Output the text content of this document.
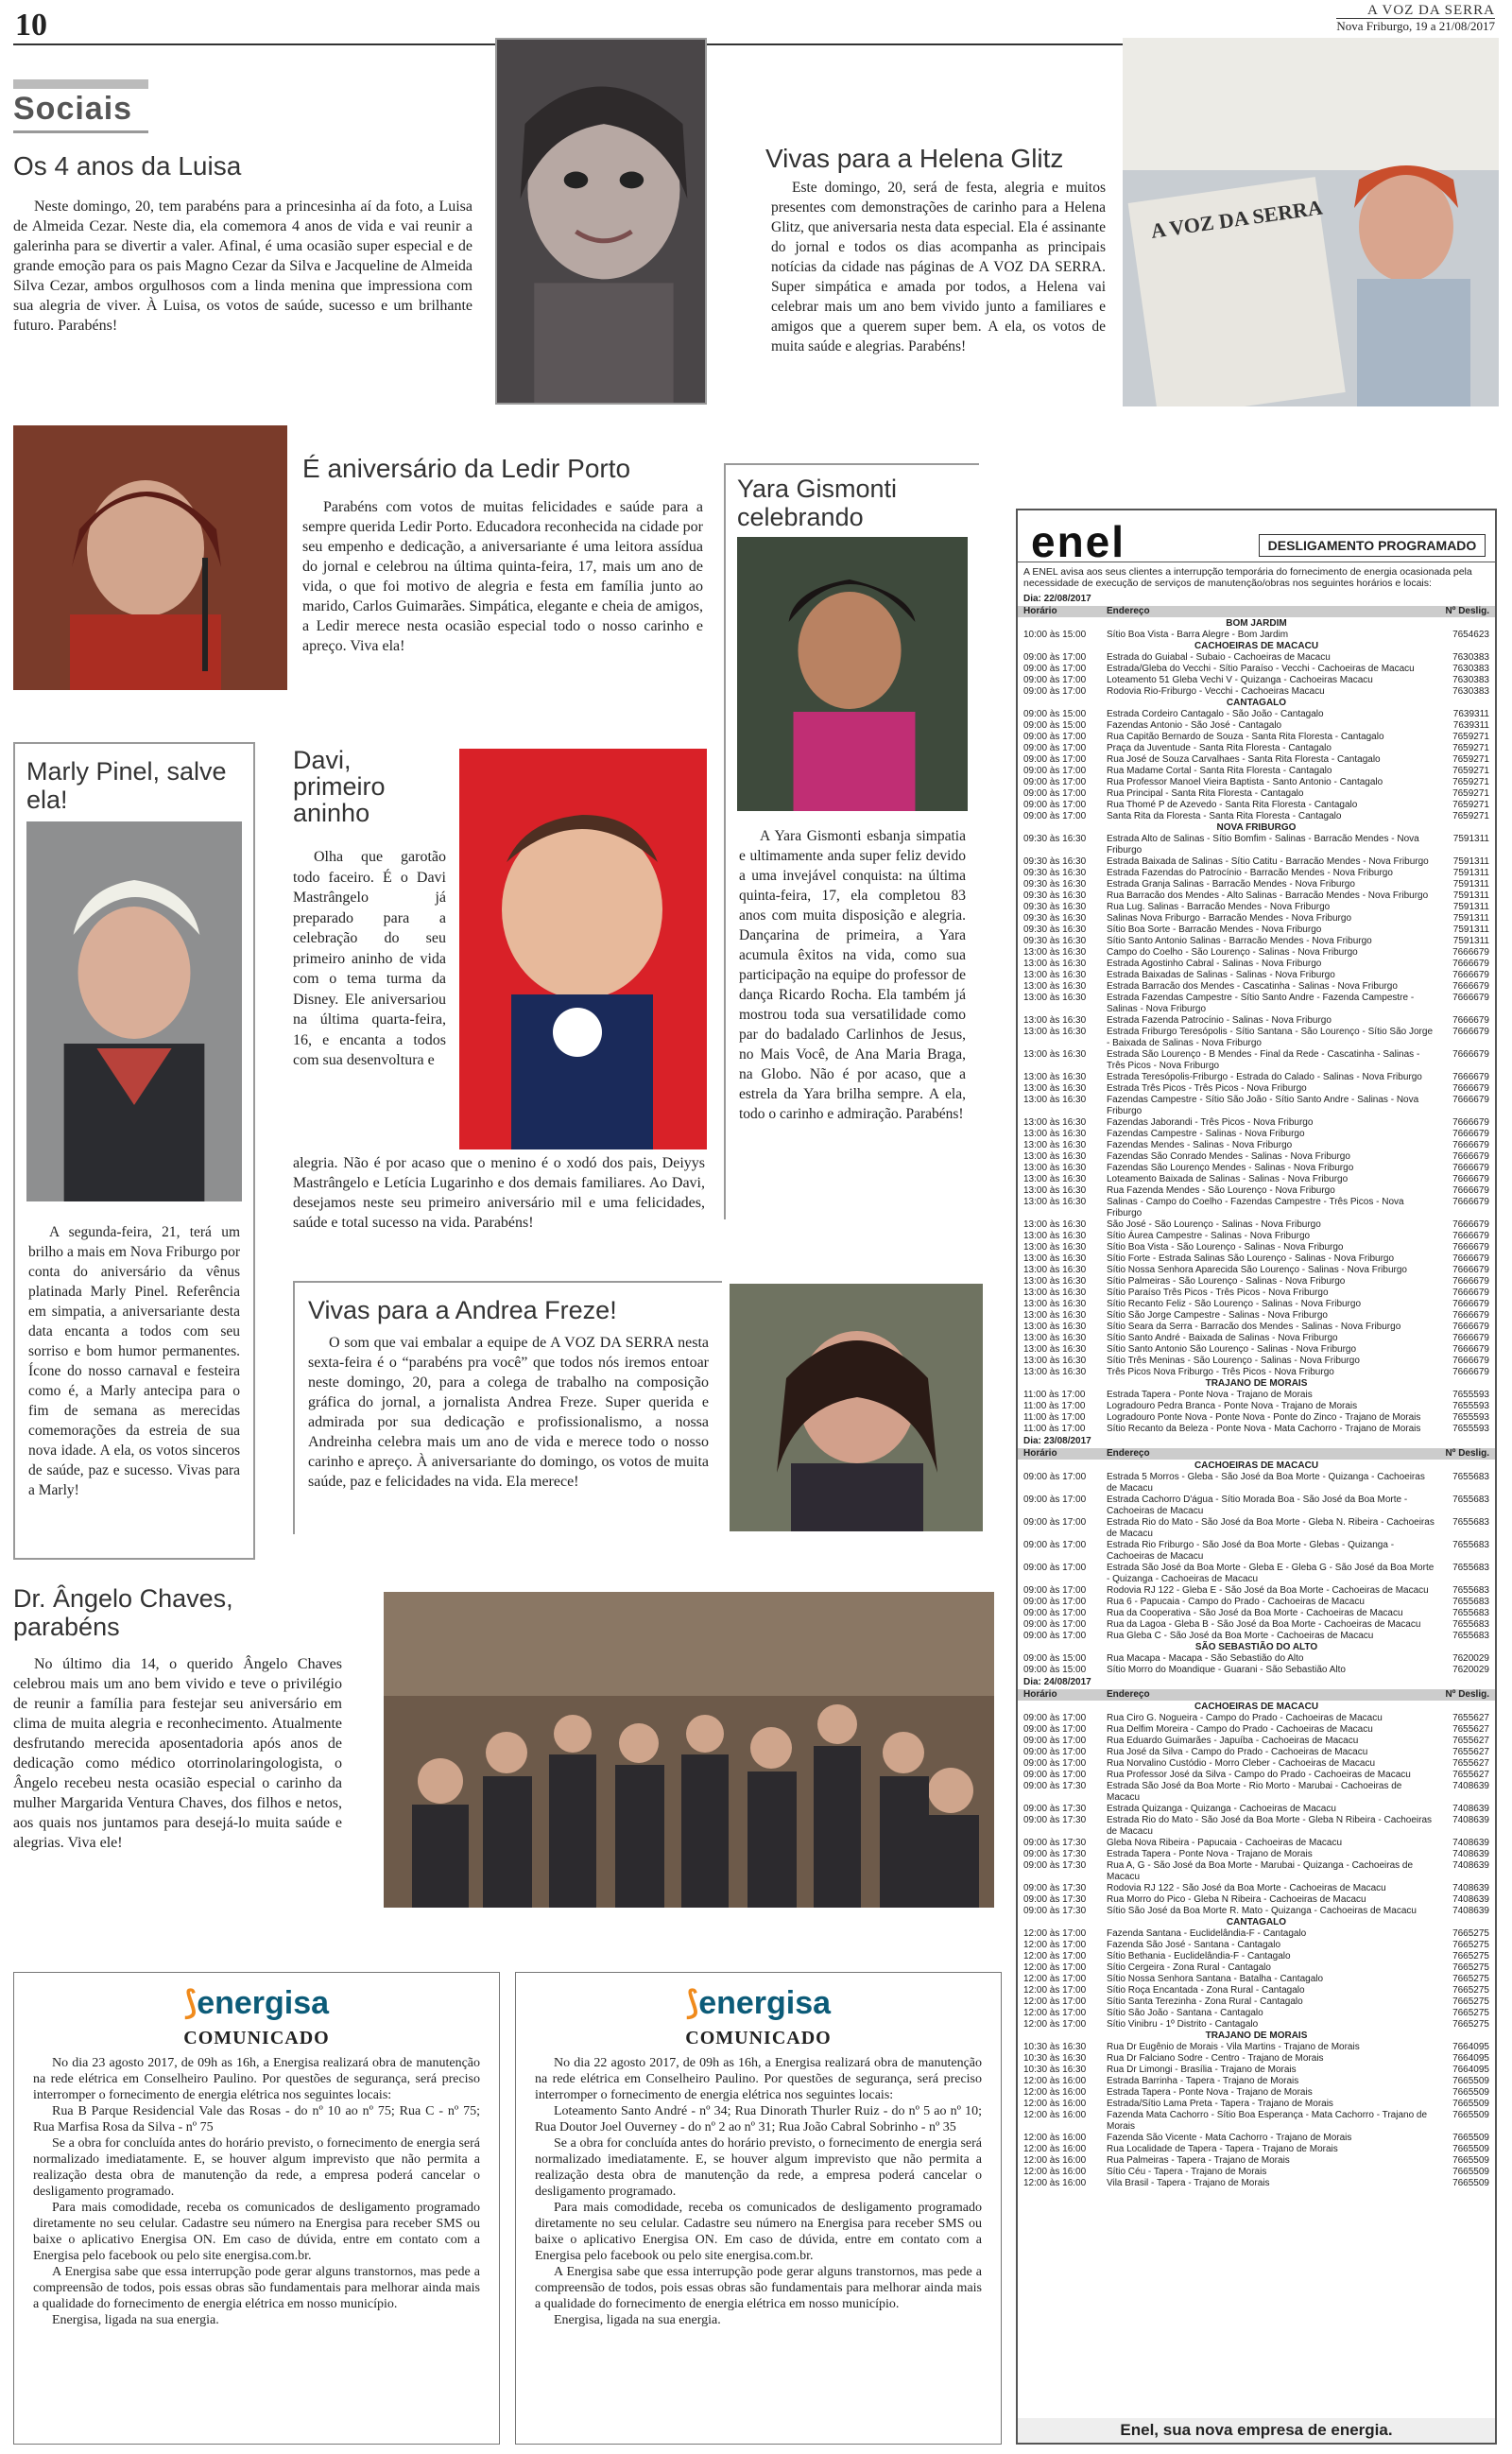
10	A VOZ DA SERRA
Nova Friburgo, 19 a 21/08/2017
Sociais
Os 4 anos da Luisa

Neste domingo, 20, tem parabéns para a princesinha aí da foto, a Luisa de Almeida Cezar. Neste dia, ela comemora 4 anos de vida e vai reunir a galerinha para se divertir a valer. Afinal, é uma ocasião super especial e de grande emoção para os pais Magno Cezar da Silva e Jacqueline de Almeida Silva Cezar, ambos orgulhosos com a linda menina que impressiona com sua alegria de viver. À Luisa, os votos de saúde, sucesso e um brilhante futuro. Parabéns!

Vivas para a Helena Glitz

Este domingo, 20, será de festa, alegria e muitos presentes com demonstrações de carinho para a Helena Glitz, que aniversaria nesta data especial. Ela é assinante do jornal e todos os dias acompanha as principais notícias da cidade nas páginas de A VOZ DA SERRA. Super simpática e amada por todos, a Helena vai celebrar mais um ano bem vivido junto a familiares e amigos que a querem super bem. A ela, os votos de muita saúde e alegrias. Parabéns!

A VOZ DA SERRA
É aniversário da Ledir Porto

Parabéns com votos de muitas felicidades e saúde para a sempre querida Ledir Porto. Educadora reconhecida na cidade por seu empenho e dedicação, a aniversariante é uma leitora assídua do jornal e celebrou na última quinta-feira, 17, mais um ano de vida, o que foi motivo de alegria e festa em família junto ao marido, Carlos Guimarães. Simpática, elegante e cheia de amigos, a Ledir merece nesta ocasião especial todo o nosso carinho e apreço. Viva ela!

Yara Gismonti celebrando

A Yara Gismonti esbanja simpatia e ultimamente anda super feliz devido a uma invejável conquista: na última quinta-feira, 17, ela completou 83 anos com muita disposição e alegria. Dançarina de primeira, a Yara acumula êxitos na vida, como sua participação na equipe do professor de dança Ricardo Rocha. Ela também já mostrou toda sua versatilidade como par do badalado Carlinhos de Jesus, no Mais Você, de Ana Maria Braga, na Globo. Não é por acaso, que a estrela da Yara brilha sempre. A ela, todo o carinho e admiração. Parabéns!

Marly Pinel, salve ela!

A segunda-feira, 21, terá um brilho a mais em Nova Friburgo por conta do aniversário da vênus platinada Marly Pinel. Referência em simpatia, a aniversariante desta data encanta a todos com seu sorriso e bom humor permanentes. Ícone do nosso carnaval e festeira como é, a Marly antecipa para o fim de semana as merecidas comemorações da estreia de sua nova idade. A ela, os votos sinceros de saúde, paz e sucesso. Vivas para a Marly!

Davi, primeiro aninho

Olha que garotão todo faceiro. É o Davi Mastrângelo já preparado para a celebração do seu primeiro aninho de vida com o tema turma da Disney. Ele aniversariou na última quarta-feira, 16, e encanta a todos com sua desenvoltura e

alegria. Não é por acaso que o menino é o xodó dos pais, Deiyys Mastrângelo e Letícia Lugarinho e dos demais familiares. Ao Davi, desejamos neste seu primeiro aniversário mil e uma felicidades, saúde e total sucesso na vida. Parabéns!

Vivas para a Andrea Freze!

O som que vai embalar a equipe de A VOZ DA SERRA nesta sexta-feira é o “parabéns pra você” que todos nós iremos entoar neste domingo, 20, para a colega de trabalho na composição gráfica do jornal, a jornalista Andrea Freze. Super querida e admirada por sua dedicação e profissionalismo, a nossa Andreinha celebra mais um ano de vida e merece todo o nosso carinho e apreço. À aniversariante do domingo, os votos de muita saúde, paz e felicidades na vida. Ela merece!

Dr. Ângelo Chaves, parabéns

No último dia 14, o querido Ângelo Chaves celebrou mais um ano bem vivido e teve o privilégio de reunir a família para festejar seu aniversário em clima de muita alegria e reconhecimento. Atualmente desfrutando merecida aposentadoria após anos de dedicação como médico otorrinolaringologista, o Ângelo recebeu nesta ocasião especial o carinho da mulher Margarida Ventura Chaves, dos filhos e netos, aos quais nos juntamos para desejá-lo muita saúde e alegrias. Viva ele!

⟆energisa
COMUNICADO

No dia 23 agosto 2017, de 09h as 16h, a Energisa realizará obra de manutenção na rede elétrica em Conselheiro Paulino. Por questões de segurança, será preciso interromper o fornecimento de energia elétrica nos seguintes locais:

Rua B Parque Residencial Vale das Rosas - do nº 10 ao nº 75; Rua C - nº 75; Rua Marfisa Rosa da Silva - nº 75

Se a obra for concluída antes do horário previsto, o fornecimento de energia será normalizado imediatamente. E, se houver algum imprevisto que não permita a realização desta obra de manutenção da rede, a empresa poderá cancelar o desligamento programado.

Para mais comodidade, receba os comunicados de desligamento programado diretamente no seu celular. Cadastre seu número na Energisa para receber SMS ou baixe o aplicativo Energisa ON. Em caso de dúvida, entre em contato com a Energisa pelo facebook ou pelo site energisa.com.br.

A Energisa sabe que essa interrupção pode gerar alguns transtornos, mas pede a compreensão de todos, pois essas obras são fundamentais para melhorar ainda mais a qualidade do fornecimento de energia elétrica em nosso município.

Energisa, ligada na sua energia.

⟆energisa
COMUNICADO

No dia 22 agosto 2017, de 09h as 16h, a Energisa realizará obra de manutenção na rede elétrica em Conselheiro Paulino. Por questões de segurança, será preciso interromper o fornecimento de energia elétrica nos seguintes locais:

Loteamento Santo André - nº 34; Rua Dinorath Thurler Ruiz - do nº 5 ao nº 10; Rua Doutor Joel Ouverney - do nº 2 ao nº 31; Rua João Cabral Sobrinho - nº 35

Se a obra for concluída antes do horário previsto, o fornecimento de energia será normalizado imediatamente. E, se houver algum imprevisto que não permita a realização desta obra de manutenção da rede, a empresa poderá cancelar o desligamento programado.

Para mais comodidade, receba os comunicados de desligamento programado diretamente no seu celular. Cadastre seu número na Energisa para receber SMS ou baixe o aplicativo Energisa ON. Em caso de dúvida, entre em contato com a Energisa pelo facebook ou pelo site energisa.com.br.

A Energisa sabe que essa interrupção pode gerar alguns transtornos, mas pede a compreensão de todos, pois essas obras são fundamentais para melhorar ainda mais a qualidade do fornecimento de energia elétrica em nosso município.

Energisa, ligada na sua energia.

enel	DESLIGAMENTO PROGRAMADO
A ENEL avisa aos seus clientes a interrupção temporária do fornecimento de energia ocasionada pela necessidade de execução de serviços de manutenção/obras nos seguintes horários e locais:
Dia: 22/08/2017
Horário	Endereço	Nº Deslig.
BOM JARDIM
10:00 às 15:00	Sítio Boa Vista - Barra Alegre - Bom Jardim	7654623
CACHOEIRAS DE MACACU
09:00 às 17:00	Estrada do Guiabal - Subaio - Cachoeiras de Macacu	7630383
09:00 às 17:00	Estrada/Gleba do Vecchi - Sítio Paraíso - Vecchi - Cachoeiras de Macacu	7630383
09:00 às 17:00	Loteamento 51 Gleba Vechi V - Quizanga - Cachoeiras Macacu	7630383
09:00 às 17:00	Rodovia Rio-Friburgo - Vecchi - Cachoeiras Macacu	7630383
CANTAGALO
09:00 às 15:00	Estrada Cordeiro Cantagalo - São João - Cantagalo	7639311
09:00 às 15:00	Fazendas Antonio - São José - Cantagalo	7639311
09:00 às 17:00	Rua Capitão Bernardo de Souza - Santa Rita Floresta - Cantagalo	7659271
09:00 às 17:00	Praça da Juventude - Santa Rita Floresta - Cantagalo	7659271
09:00 às 17:00	Rua José de Souza Carvalhaes - Santa Rita Floresta - Cantagalo	7659271
09:00 às 17:00	Rua Madame Cortal - Santa Rita Floresta - Cantagalo	7659271
09:00 às 17:00	Rua Professor Manoel Vieira Baptista - Santo Antonio - Cantagalo	7659271
09:00 às 17:00	Rua Principal - Santa Rita Floresta - Cantagalo	7659271
09:00 às 17:00	Rua Thomé P de Azevedo - Santa Rita Floresta - Cantagalo	7659271
09:00 às 17:00	Santa Rita da Floresta - Santa Rita Floresta - Cantagalo	7659271
NOVA FRIBURGO
09:30 às 16:30	Estrada Alto de Salinas - Sítio Bomfim - Salinas - Barracão Mendes - Nova Friburgo
7591311
09:30 às 16:30	Estrada Baixada de Salinas - Sítio Catitu - Barracão Mendes - Nova Friburgo	7591311
09:30 às 16:30	Estrada Fazendas do Patrocínio - Barracão Mendes - Nova Friburgo	7591311
09:30 às 16:30	Estrada Granja Salinas - Barracão Mendes - Nova Friburgo	7591311
09:30 às 16:30	Rua Barracão dos Mendes - Alto Salinas - Barracão Mendes - Nova Friburgo	7591311
09:30 às 16:30	Rua Lug. Salinas - Barracão Mendes - Nova Friburgo	7591311
09:30 às 16:30	Salinas Nova Friburgo - Barracão Mendes - Nova Friburgo	7591311
09:30 às 16:30	Sítio Boa Sorte - Barracão Mendes - Nova Friburgo	7591311
09:30 às 16:30	Sítio Santo Antonio Salinas - Barracão Mendes - Nova Friburgo	7591311
13:00 às 16:30	Campo do Coelho - São Lourenço - Salinas - Nova Friburgo	7666679
13:00 às 16:30	Estrada Agostinho Cabral - Salinas - Nova Friburgo	7666679
13:00 às 16:30	Estrada Baixadas de Salinas - Salinas - Nova Friburgo	7666679
13:00 às 16:30	Estrada Barracão dos Mendes - Cascatinha - Salinas - Nova Friburgo	7666679
13:00 às 16:30	Estrada Fazendas Campestre - Sítio Santo Andre - Fazenda Campestre - Salinas - Nova Friburgo
7666679
13:00 às 16:30	Estrada Fazenda Patrocínio - Salinas - Nova Friburgo	7666679
13:00 às 16:30	Estrada Friburgo Teresópolis - Sítio Santana - São Lourenço - Sítio São Jorge - Baixada de Salinas - Nova Friburgo
7666679
13:00 às 16:30	Estrada São Lourenço - B Mendes - Final da Rede - Cascatinha - Salinas - Três Picos - Nova Friburgo
7666679
13:00 às 16:30	Estrada Teresópolis-Friburgo - Estrada do Calado - Salinas - Nova Friburgo	7666679
13:00 às 16:30	Estrada Três Picos - Três Picos - Nova Friburgo	7666679
13:00 às 16:30	Fazendas Campestre - Sítio São João - Sítio Santo Andre - Salinas - Nova Friburgo
7666679
13:00 às 16:30	Fazendas Jaborandi - Três Picos - Nova Friburgo	7666679
13:00 às 16:30	Fazendas Campestre - Salinas - Nova Friburgo	7666679
13:00 às 16:30	Fazendas Mendes - Salinas - Nova Friburgo	7666679
13:00 às 16:30	Fazendas São Conrado Mendes - Salinas - Nova Friburgo	7666679
13:00 às 16:30	Fazendas São Lourenço Mendes - Salinas - Nova Friburgo	7666679
13:00 às 16:30	Loteamento Baixada de Salinas - Salinas - Nova Friburgo	7666679
13:00 às 16:30	Rua Fazenda Mendes - São Lourenço - Nova Friburgo	7666679
13:00 às 16:30	Salinas - Campo do Coelho - Fazendas Campestre - Três Picos - Nova Friburgo
7666679
13:00 às 16:30	São José - São Lourenço - Salinas - Nova Friburgo	7666679
13:00 às 16:30	Sítio Áurea Campestre - Salinas - Nova Friburgo	7666679
13:00 às 16:30	Sítio Boa Vista - São Lourenço - Salinas - Nova Friburgo	7666679
13:00 às 16:30	Sítio Forte - Estrada Salinas São Lourenço - Salinas - Nova Friburgo	7666679
13:00 às 16:30	Sítio Nossa Senhora Aparecida São Lourenço - Salinas - Nova Friburgo	7666679
13:00 às 16:30	Sítio Palmeiras - São Lourenço - Salinas - Nova Friburgo	7666679
13:00 às 16:30	Sítio Paraíso Três Picos - Três Picos - Nova Friburgo	7666679
13:00 às 16:30	Sítio Recanto Feliz - São Lourenço - Salinas - Nova Friburgo	7666679
13:00 às 16:30	Sítio São Jorge Campestre - Salinas - Nova Friburgo	7666679
13:00 às 16:30	Sítio Seara da Serra - Barracão dos Mendes - Salinas - Nova Friburgo	7666679
13:00 às 16:30	Sítio Santo André - Baixada de Salinas - Nova Friburgo	7666679
13:00 às 16:30	Sítio Santo Antonio São Lourenço - Salinas - Nova Friburgo	7666679
13:00 às 16:30	Sítio Três Meninas - São Lourenço - Salinas - Nova Friburgo	7666679
13:00 às 16:30	Três Picos Nova Friburgo - Três Picos - Nova Friburgo	7666679
TRAJANO DE MORAIS
11:00 às 17:00	Estrada Tapera - Ponte Nova - Trajano de Morais	7655593
11:00 às 17:00	Logradouro Pedra Branca - Ponte Nova - Trajano de Morais	7655593
11:00 às 17:00	Logradouro Ponte Nova - Ponte Nova - Ponte do Zinco - Trajano de Morais	7655593
11:00 às 17:00	Sítio Recanto da Beleza - Ponte Nova - Mata Cachorro - Trajano de Morais	7655593
Dia: 23/08/2017
Horário	Endereço	Nº Deslig.
CACHOEIRAS DE MACACU
09:00 às 17:00	Estrada 5 Morros - Gleba - São José da Boa Morte - Quizanga - Cachoeiras de Macacu
7655683
09:00 às 17:00	Estrada Cachorro D'água - Sítio Morada Boa - São José da Boa Morte - Cachoeiras de Macacu
7655683
09:00 às 17:00	Estrada Rio do Mato - São José da Boa Morte - Gleba N. Ribeira - Cachoeiras de Macacu
7655683
09:00 às 17:00	Estrada Rio Friburgo - São José da Boa Morte - Glebas - Quizanga - Cachoeiras de Macacu
7655683
09:00 às 17:00	Estrada São José da Boa Morte - Gleba E - Gleba G - São José da Boa Morte - Quizanga - Cachoeiras de Macacu
7655683
09:00 às 17:00	Rodovia RJ 122 - Gleba E - São José da Boa Morte - Cachoeiras de Macacu	7655683
09:00 às 17:00	Rua 6 - Papucaia - Campo do Prado - Cachoeiras de Macacu	7655683
09:00 às 17:00	Rua da Cooperativa - São José da Boa Morte - Cachoeiras de Macacu	7655683
09:00 às 17:00	Rua da Lagoa - Gleba B - São José da Boa Morte - Cachoeiras de Macacu	7655683
09:00 às 17:00	Rua Gleba C - São José da Boa Morte - Cachoeiras de Macacu	7655683
SÃO SEBASTIÃO DO ALTO
09:00 às 15:00	Rua Macapa - Macapa - São Sebastião do Alto	7620029
09:00 às 15:00	Sítio Morro do Moandique - Guarani - São Sebastião Alto	7620029
Dia: 24/08/2017
Horário	Endereço	Nº Deslig.
CACHOEIRAS DE MACACU
09:00 às 17:00	Rua Ciro G. Nogueira - Campo do Prado - Cachoeiras de Macacu	7655627
09:00 às 17:00	Rua Delfim Moreira - Campo do Prado - Cachoeiras de Macacu	7655627
09:00 às 17:00	Rua Eduardo Guimarães - Japuíba - Cachoeiras de Macacu	7655627
09:00 às 17:00	Rua José da Silva - Campo do Prado - Cachoeiras de Macacu	7655627
09:00 às 17:00	Rua Norvalino Custódio - Morro Cleber - Cachoeiras de Macacu	7655627
09:00 às 17:00	Rua Professor José da Silva - Campo do Prado - Cachoeiras de Macacu	7655627
09:00 às 17:30	Estrada São José da Boa Morte - Rio Morto - Marubai - Cachoeiras de Macacu
7408639
09:00 às 17:30	Estrada Quizanga - Quizanga - Cachoeiras de Macacu	7408639
09:00 às 17:30	Estrada Rio do Mato - São José da Boa Morte - Gleba N Ribeira - Cachoeiras de Macacu
7408639
09:00 às 17:30	Gleba Nova Ribeira - Papucaia - Cachoeiras de Macacu	7408639
09:00 às 17:30	Estrada Tapera - Ponte Nova - Trajano de Morais	7408639
09:00 às 17:30	Rua A, G - São José da Boa Morte - Marubai - Quizanga - Cachoeiras de Macacu
7408639
09:00 às 17:30	Rodovia RJ 122 - São José da Boa Morte - Cachoeiras de Macacu	7408639
09:00 às 17:30	Rua Morro do Pico - Gleba N Ribeira - Cachoeiras de Macacu	7408639
09:00 às 17:30	Sítio São José da Boa Morte R. Mato - Quizanga - Cachoeiras de Macacu	7408639
CANTAGALO
12:00 às 17:00	Fazenda Santana - Euclidelândia-F - Cantagalo	7665275
12:00 às 17:00	Fazenda São José - Santana - Cantagalo	7665275
12:00 às 17:00	Sítio Bethania - Euclidelândia-F - Cantagalo	7665275
12:00 às 17:00	Sítio Cergeira - Zona Rural - Cantagalo	7665275
12:00 às 17:00	Sítio Nossa Senhora Santana - Batalha - Cantagalo	7665275
12:00 às 17:00	Sítio Roça Encantada - Zona Rural - Cantagalo	7665275
12:00 às 17:00	Sítio Santa Terezinha - Zona Rural - Cantagalo	7665275
12:00 às 17:00	Sítio São João - Santana - Cantagalo	7665275
12:00 às 17:00	Sítio Vinibru - 1º Distrito - Cantagalo	7665275
TRAJANO DE MORAIS
10:30 às 16:30	Rua Dr Eugênio de Morais - Vila Martins - Trajano de Morais	7664095
10:30 às 16:30	Rua Dr Falciano Sodre - Centro - Trajano de Morais	7664095
10:30 às 16:30	Rua Dr Limongi - Brasília - Trajano de Morais	7664095
12:00 às 16:00	Estrada Barrinha - Tapera - Trajano de Morais	7665509
12:00 às 16:00	Estrada Tapera - Ponte Nova - Trajano de Morais	7665509
12:00 às 16:00	Estrada/Sítio Lama Preta - Tapera - Trajano de Morais	7665509
12:00 às 16:00	Fazenda Mata Cachorro - Sítio Boa Esperança - Mata Cachorro - Trajano de Morais
7665509
12:00 às 16:00	Fazenda São Vicente - Mata Cachorro - Trajano de Morais	7665509
12:00 às 16:00	Rua Localidade de Tapera - Tapera - Trajano de Morais	7665509
12:00 às 16:00	Rua Palmeiras - Tapera - Trajano de Morais	7665509
12:00 às 16:00	Sítio Céu - Tapera - Trajano de Morais	7665509
12:00 às 16:00	Vila Brasil - Tapera - Trajano de Morais	7665509
Enel, sua nova empresa de energia.
